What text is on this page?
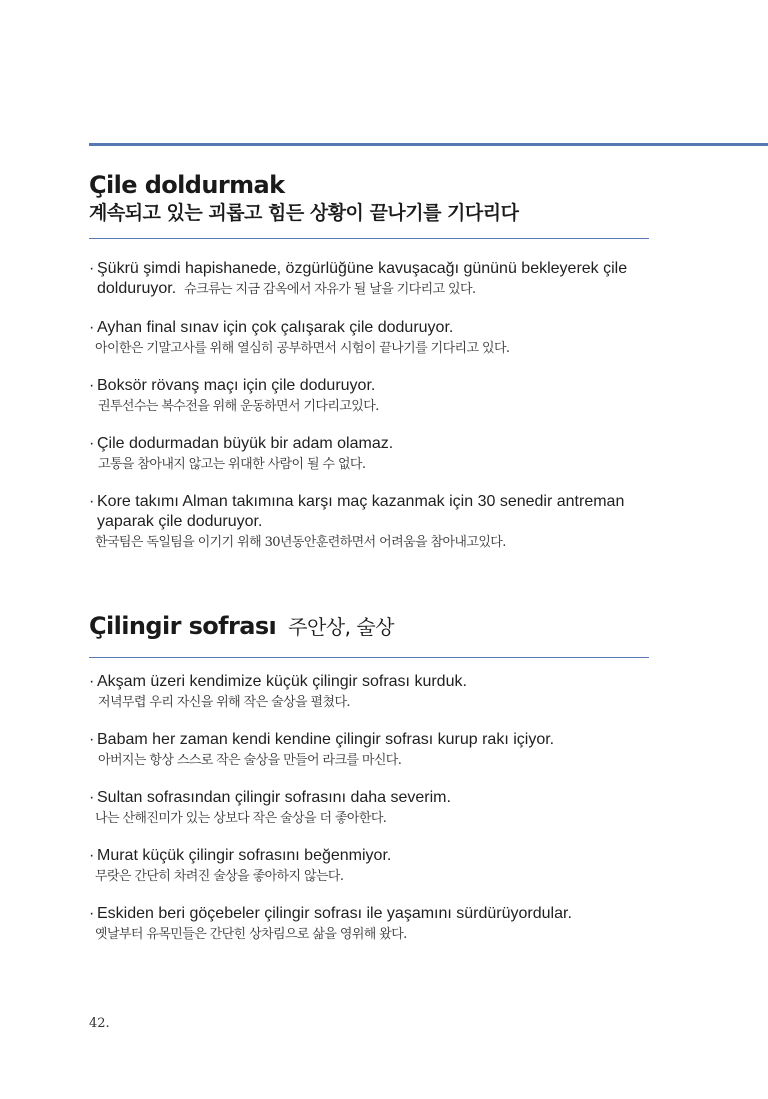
Çile doldurmak
계속되고 있는 괴롭고 힘든 상황이 끝나기를 기다리다
· Şükrü şimdi hapishanede, özgürlüğüne kavuşacağı gününü bekleyerek çile dolduruyor. 슈크류는 지금 감옥에서 자유가 될 날을 기다리고 있다.
· Ayhan final sınav için çok çalışarak çile doduruyor.
아이한은 기말고사를 위해 열심히 공부하면서 시험이 끝나기를 기다리고 있다.
· Boksör rövanş maçı için çile doduruyor.
권투선수는 복수전을 위해 운동하면서 기다리고있다.
· Çile dodurmadan büyük bir adam olamaz.
고통을 참아내지 않고는 위대한 사람이 될 수 없다.
· Kore takımı Alman takımına karşı maç kazanmak için 30 senedir antreman yaparak çile doduruyor.
한국팀은 독일팀을 이기기 위해 30년동안훈련하면서 어려움을 참아내고있다.
Çilingir sofrası 주안상, 술상
· Akşam üzeri kendimize küçük çilingir sofrası kurduk.
저녁무렵 우리 자신을 위해 작은 술상을 펼쳤다.
· Babam her zaman kendi kendine çilingir sofrası kurup rakı içiyor.
아버지는 항상 스스로 작은 술상을 만들어 라크를 마신다.
· Sultan sofrasından çilingir sofrasını daha severim.
나는 산해진미가 있는 상보다 작은 술상을 더 좋아한다.
· Murat küçük çilingir sofrasını beğenmiyor.
무랏은 간단히 차려진 술상을 좋아하지 않는다.
· Eskiden beri göçebeler çilingir sofrası ile yaşamını sürdürüyordular.
옛날부터 유목민들은 간단힌 상차림으로 삶을 영위해 왔다.
42.
